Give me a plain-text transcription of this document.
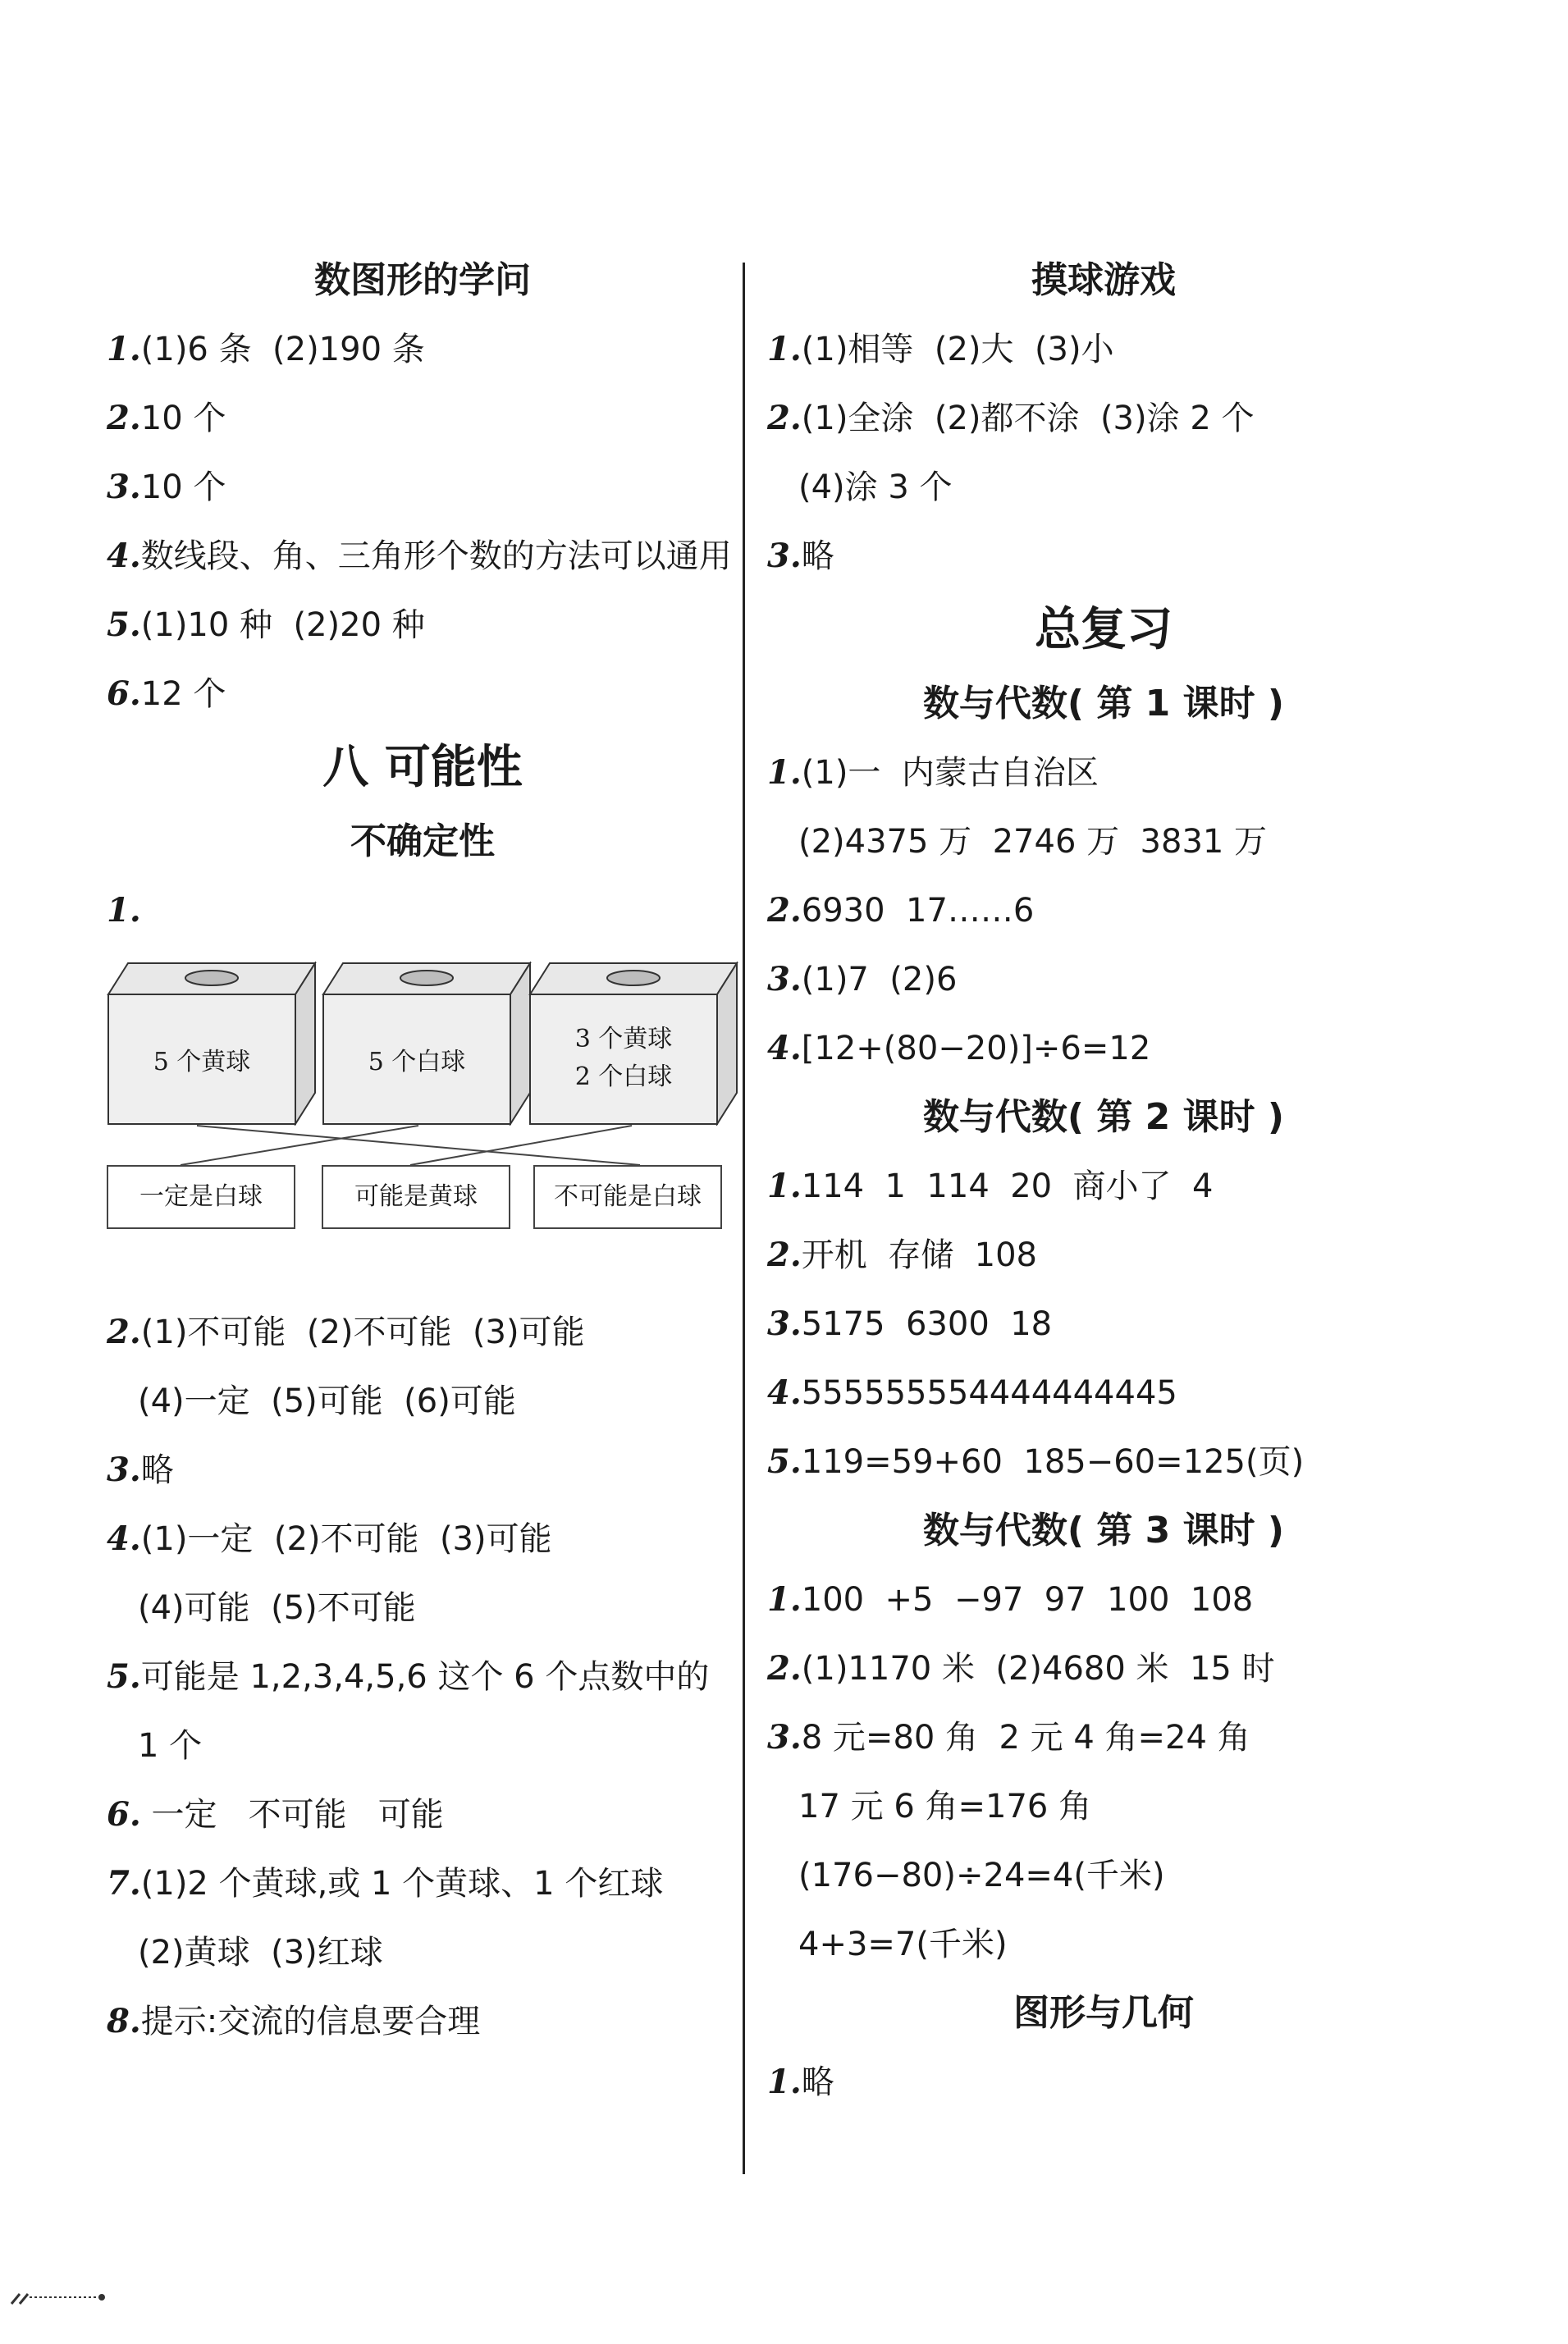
数图形的学问
1.(1)6 条  (2)190 条
2.10 个
3.10 个
4.数线段、角、三角形个数的方法可以通用
5.(1)10 种  (2)20 种
6.12 个
八 可能性
不确定性
1.
5 个黄球	5 个白球
3 个黄球
2 个白球
一定是白球	可能是黄球	不可能是白球
2.(1)不可能  (2)不可能  (3)可能
(4)一定  (5)可能  (6)可能
3.略
4.(1)一定  (2)不可能  (3)可能
(4)可能  (5)不可能
5.可能是 1,2,3,4,5,6 这个 6 个点数中的
1 个
6. 一定   不可能   可能
7.(1)2 个黄球,或 1 个黄球、1 个红球
(2)黄球  (3)红球
8.提示:交流的信息要合理
摸球游戏
1.(1)相等  (2)大  (3)小
2.(1)全涂  (2)都不涂  (3)涂 2 个
(4)涂 3 个
3.略
总复习
数与代数( 第 1 课时 )
1.(1)一  内蒙古自治区
(2)4375 万  2746 万  3831 万
2.6930  17……6
3.(1)7  (2)6
4.[12+(80−20)]÷6=12
数与代数( 第 2 课时 )
1.114  1  114  20  商小了  4
2.开机  存储  108
3.5175  6300  18
4.555555554444444445
5.119=59+60  185−60=125(页)
数与代数( 第 3 课时 )
1.100  +5  −97  97  100  108
2.(1)1170 米  (2)4680 米  15 时
3.8 元=80 角  2 元 4 角=24 角
17 元 6 角=176 角
(176−80)÷24=4(千米)
4+3=7(千米)
图形与几何
1.略
